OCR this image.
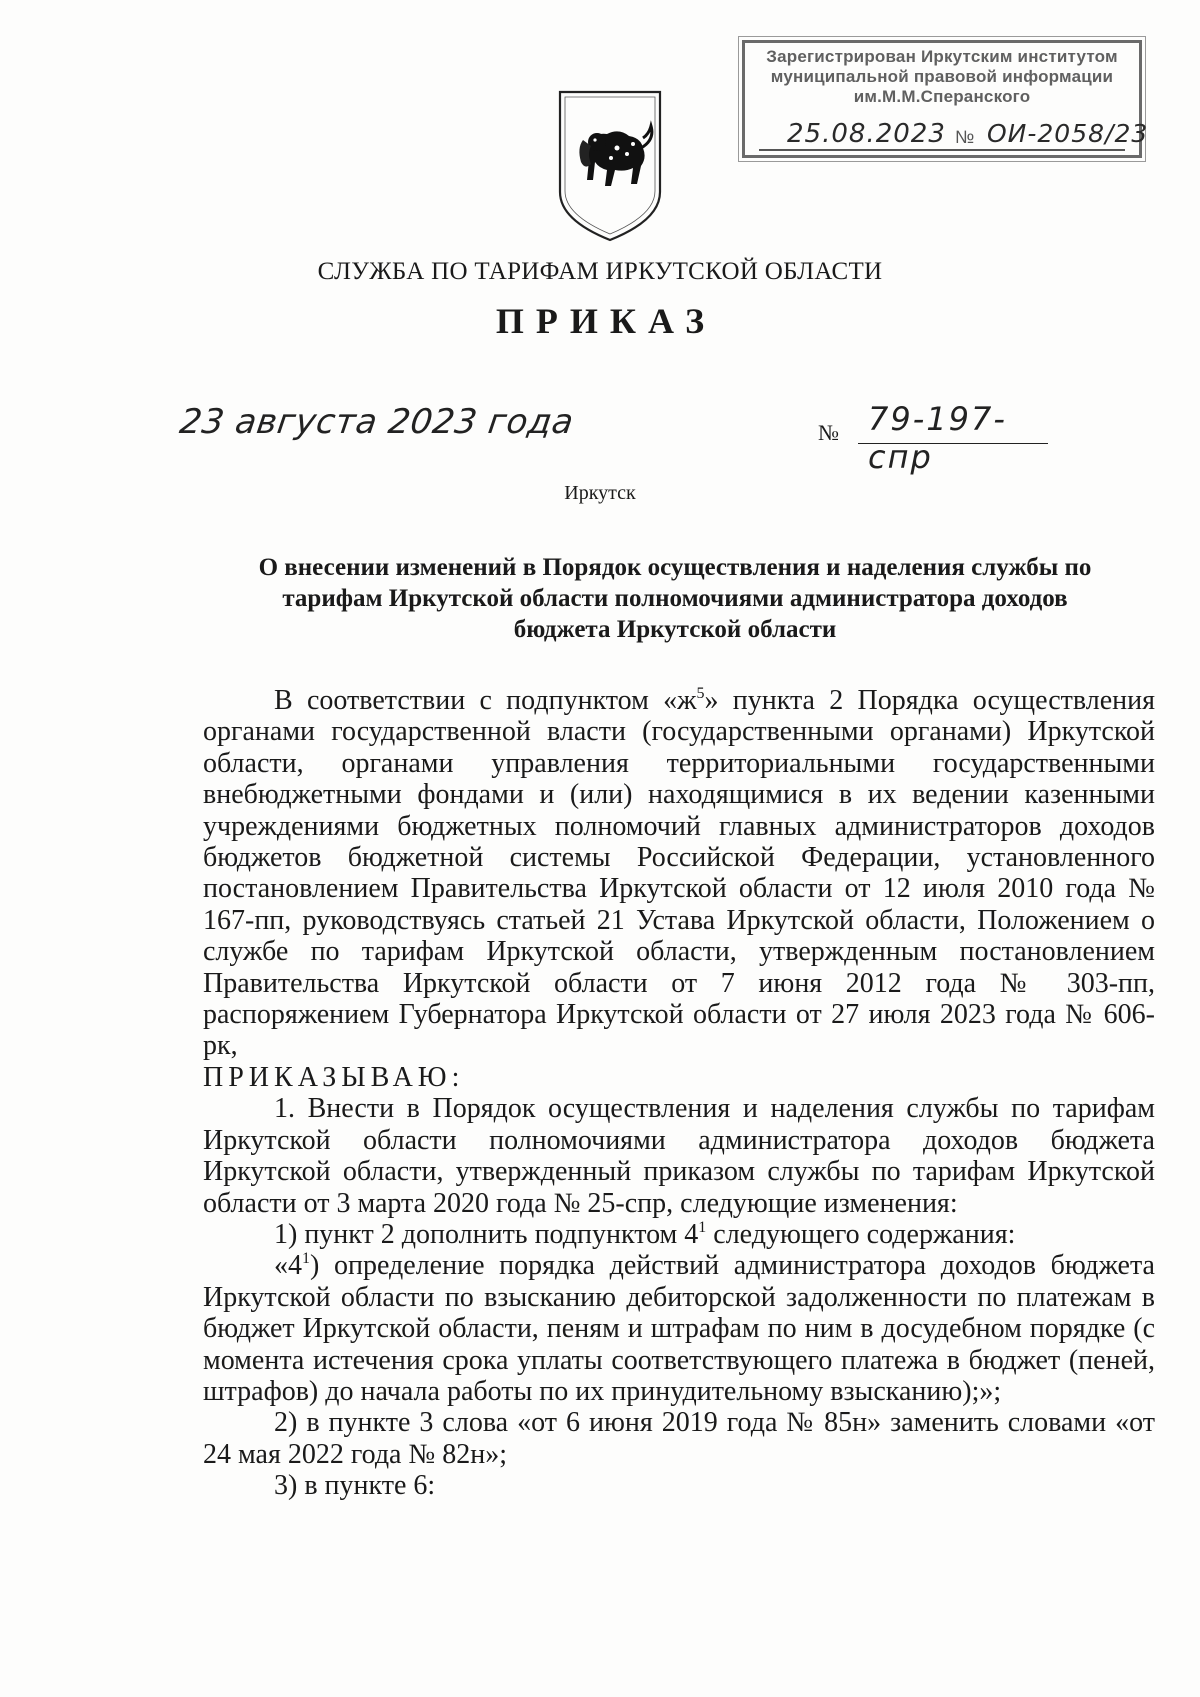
Зарегистрирован Иркутским институтом
муниципальной правовой информации
им.М.М.Сперанского
25.08.2023 № ОИ-2058/23
СЛУЖБА ПО ТАРИФАМ ИРКУТСКОЙ ОБЛАСТИ
ПРИКАЗ
23 августа 2023 года	№ 79-197-спр
Иркутск
О внесении изменений в Порядок осуществления и наделения службы по
тарифам Иркутской области полномочиями администратора доходов
бюджета Иркутской области

В соответствии с подпунктом «$ж^5$» пункта 2 Порядка осуществления органами государственной власти (государственными органами) Иркутской области, органами управления территориальными государственными внебюджетными фондами и (или) находящимися в их ведении казенными учреждениями бюджетных полномочий главных администраторов доходов бюджетов бюджетной системы Российской Федерации, установленного постановлением Правительства Иркутской области от 12 июля 2010 года № 167-пп, руководствуясь статьей 21 Устава Иркутской области, Положением о службе по тарифам Иркутской области, утвержденным постановлением Правительства Иркутской области от 7 июня 2012 года № 303-пп, распоряжением Губернатора Иркутской области от 27 июля 2023 года № 606-рк,

ПРИКАЗЫВАЮ:

1. Внести в Порядок осуществления и наделения службы по тарифам Иркутской области полномочиями администратора доходов бюджета Иркутской области, утвержденный приказом службы по тарифам Иркутской области от 3 марта 2020 года № 25-спр, следующие изменения:

1) пункт 2 дополнить подпунктом $4^1$ следующего содержания:

«$4^1$) определение порядка действий администратора доходов бюджета Иркутской области по взысканию дебиторской задолженности по платежам в бюджет Иркутской области, пеням и штрафам по ним в досудебном порядке (с момента истечения срока уплаты соответствующего платежа в бюджет (пеней, штрафов) до начала работы по их принудительному взысканию);»;

2) в пункте 3 слова «от 6 июня 2019 года № 85н» заменить словами «от 24 мая 2022 года № 82н»;

3) в пункте 6:
